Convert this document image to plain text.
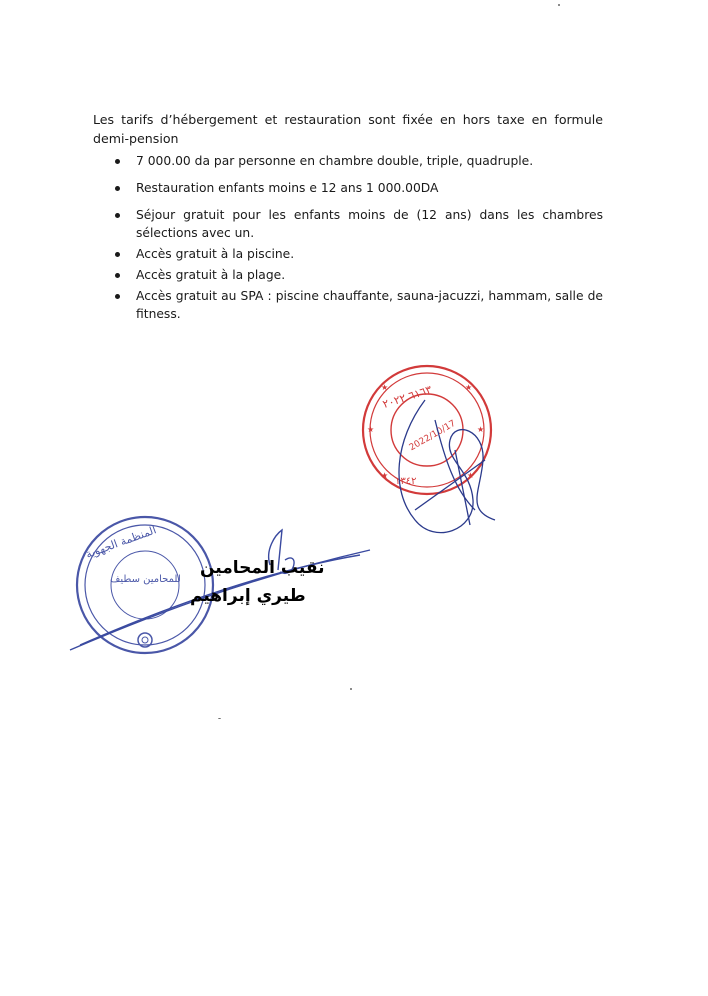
Les tarifs d’hébergement et restauration sont fixée en hors taxe en formule demi-pension
7 000.00 da par personne en chambre double, triple, quadruple.
Restauration enfants moins e 12 ans 1 000.00DA
Séjour gratuit pour les enfants moins de (12 ans) dans les chambres sélections avec un.
Accès gratuit à la piscine.
Accès gratuit à la plage.
Accès gratuit au SPA : piscine chauffante, sauna-jacuzzi, hammam, salle de fitness.
٦١٦٣ ٢٠٢٢
2022/10/17
١٣٤٢
★	★
★	★
★	★
المنظمة الجهوية
للمحامين سطيف
نقيب المحامين
طيري إبراهيم
